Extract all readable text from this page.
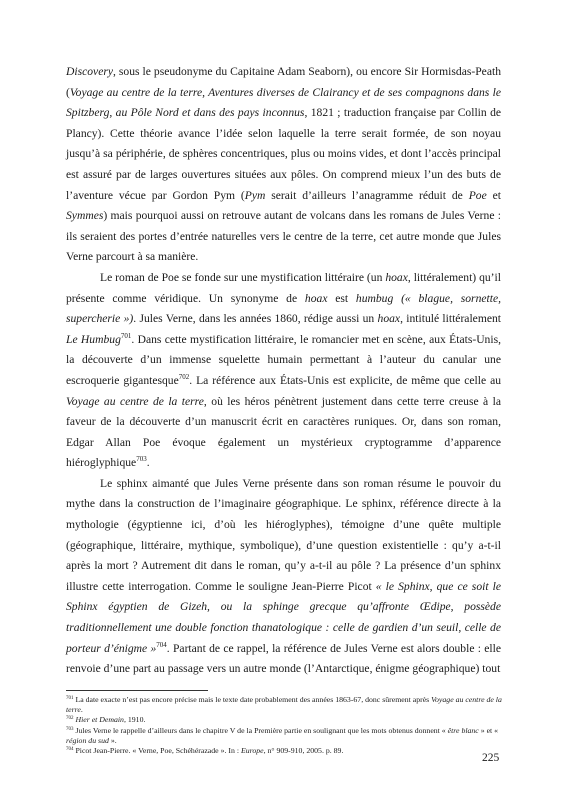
Discovery, sous le pseudonyme du Capitaine Adam Seaborn), ou encore Sir Hormisdas-Peath (Voyage au centre de la terre, Aventures diverses de Clairancy et de ses compagnons dans le Spitzberg, au Pôle Nord et dans des pays inconnus, 1821 ; traduction française par Collin de Plancy). Cette théorie avance l’idée selon laquelle la terre serait formée, de son noyau jusqu’à sa périphérie, de sphères concentriques, plus ou moins vides, et dont l’accès principal est assuré par de larges ouvertures situées aux pôles. On comprend mieux l’un des buts de l’aventure vécue par Gordon Pym (Pym serait d’ailleurs l’anagramme réduit de Poe et Symmes) mais pourquoi aussi on retrouve autant de volcans dans les romans de Jules Verne : ils seraient des portes d’entrée naturelles vers le centre de la terre, cet autre monde que Jules Verne parcourt à sa manière.

Le roman de Poe se fonde sur une mystification littéraire (un hoax, littéralement) qu’il présente comme véridique. Un synonyme de hoax est humbug (« blague, sornette, supercherie »). Jules Verne, dans les années 1860, rédige aussi un hoax, intitulé littéralement Le Humbug$^{701}$. Dans cette mystification littéraire, le romancier met en scène, aux États-Unis, la découverte d’un immense squelette humain permettant à l’auteur du canular une escroquerie gigantesque$^{702}$. La référence aux États-Unis est explicite, de même que celle au Voyage au centre de la terre, où les héros pénètrent justement dans cette terre creuse à la faveur de la découverte d’un manuscrit écrit en caractères runiques. Or, dans son roman, Edgar Allan Poe évoque également un mystérieux cryptogramme d’apparence hiéroglyphique$^{703}$.

Le sphinx aimanté que Jules Verne présente dans son roman résume le pouvoir du mythe dans la construction de l’imaginaire géographique. Le sphinx, référence directe à la mythologie (égyptienne ici, d’où les hiéroglyphes), témoigne d’une quête multiple (géographique, littéraire, mythique, symbolique), d’une question existentielle : qu’y a-t-il après la mort ? Autrement dit dans le roman, qu’y a-t-il au pôle ? La présence d’un sphinx illustre cette interrogation. Comme le souligne Jean-Pierre Picot « le Sphinx, que ce soit le Sphinx égyptien de Gizeh, ou la sphinge grecque qu’affronte Œdipe, possède traditionnellement une double fonction thanatologique : celle de gardien d’un seuil, celle de porteur d’énigme »$^{704}$. Partant de ce rappel, la référence de Jules Verne est alors double : elle renvoie d’une part au passage vers un autre monde (l’Antarctique, énigme géographique) tout

$^{701}$ La date exacte n’est pas encore précise mais le texte date probablement des années 1863-67, donc sûrement après Voyage au centre de la terre.

$^{702}$ Hier et Demain, 1910.

$^{703}$ Jules Verne le rappelle d’ailleurs dans le chapitre V de la Première partie en soulignant que les mots obtenus donnent « être blanc » et « région du sud ».

$^{704}$ Picot Jean-Pierre. « Verne, Poe, Schéhérazade ». In : Europe, n° 909-910, 2005. p. 89.

225
